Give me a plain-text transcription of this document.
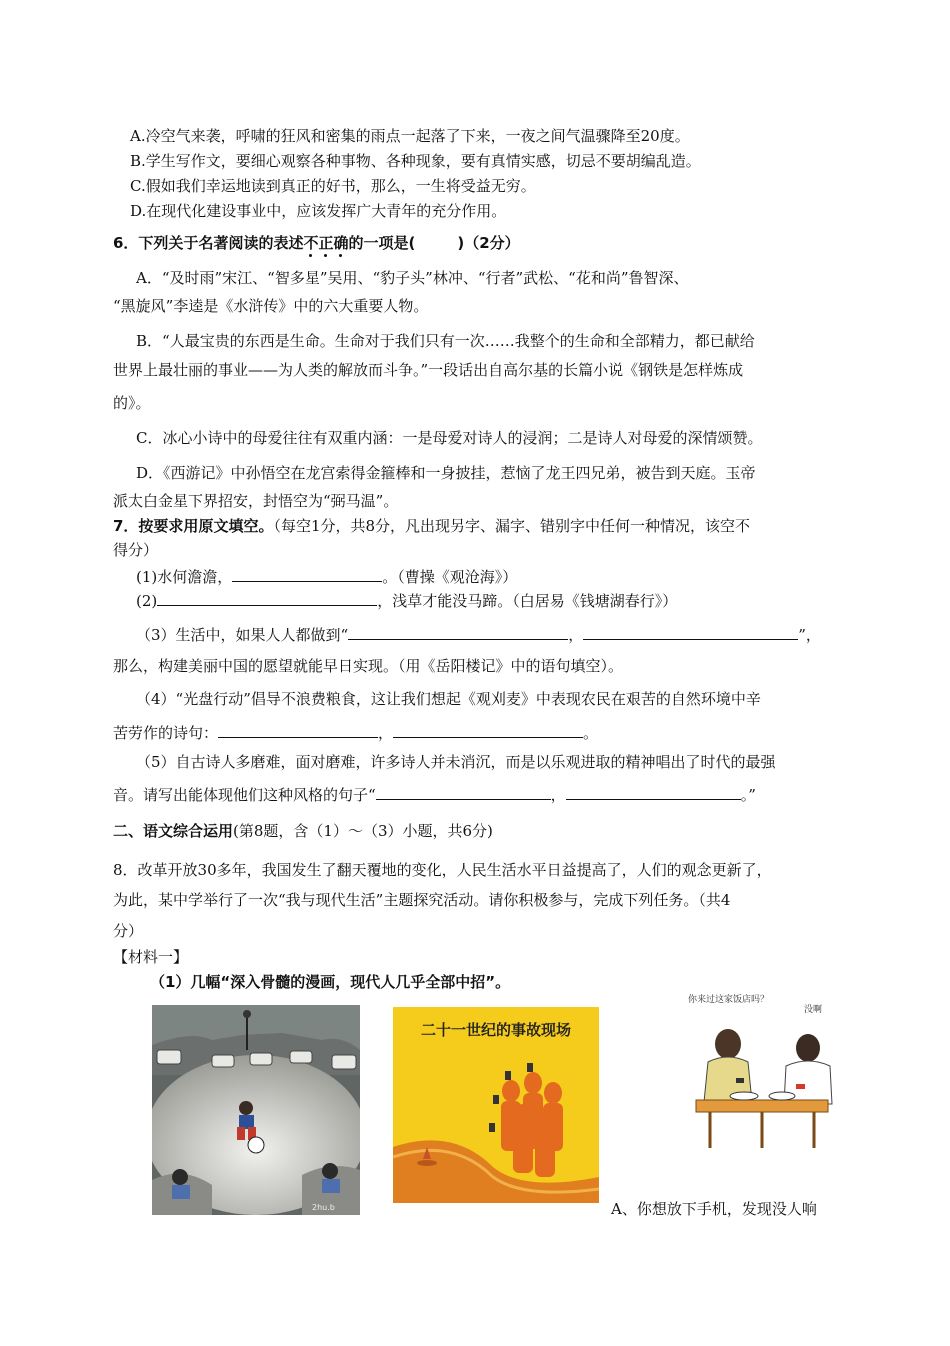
A.冷空气来袭，呼啸的狂风和密集的雨点一起落了下来，一夜之间气温骤降至20度。
B.学生写作文，要细心观察各种事物、各种现象，要有真情实感，切忌不要胡编乱造。
C.假如我们幸运地读到真正的好书，那么，一生将受益无穷。
D.在现代化建设事业中，应该发挥广大青年的充分作用。
6．下列关于名著阅读的表述不正确的一项是(	)（2分）
A．“及时雨”宋江、“智多星”吴用、“豹子头”林冲、“行者”武松、“花和尚”鲁智深、
“黑旋风”李逵是《水浒传》中的六大重要人物。
B．“人最宝贵的东西是生命。生命对于我们只有一次……我整个的生命和全部精力，都已献给
世界上最壮丽的事业——为人类的解放而斗争。”一段话出自高尔基的长篇小说《钢铁是怎样炼成
的》。
C．冰心小诗中的母爱往往有双重内涵：一是母爱对诗人的浸润；二是诗人对母爱的深情颂赞。
D．《西游记》中孙悟空在龙宫索得金箍棒和一身披挂，惹恼了龙王四兄弟，被告到天庭。玉帝
派太白金星下界招安，封悟空为“弼马温”。
7．按要求用原文填空。（每空1分，共8分，凡出现另字、漏字、错别字中任何一种情况，该空不
得分）
(1)水何澹澹，	。（曹操《观沧海》）
(2)	，浅草才能没马蹄。（白居易《钱塘湖春行》）
（3）生活中，如果人人都做到“	，	”，
那么，构建美丽中国的愿望就能早日实现。（用《岳阳楼记》中的语句填空）。
（4）“光盘行动”倡导不浪费粮食，这让我们想起《观刈麦》中表现农民在艰苦的自然环境中辛
苦劳作的诗句：	，	。
（5）自古诗人多磨难，面对磨难，许多诗人并未消沉，而是以乐观进取的精神唱出了时代的最强
音。请写出能体现他们这种风格的句子“	，	。”
二、语文综合运用(第8题，含（1）～（3）小题，共6分)
8．改革开放30多年，我国发生了翻天覆地的变化，人民生活水平日益提高了，人们的观念更新了，
为此，某中学举行了一次“我与现代生活”主题探究活动。请你积极参与，完成下列任务。（共4
分）
【材料一】
（1）几幅“深入骨髓的漫画，现代人几乎全部中招”。
2hu.b
二十一世纪的事故现场
你来过这家饭店吗？
没啊
A、你想放下手机，发现没人响
